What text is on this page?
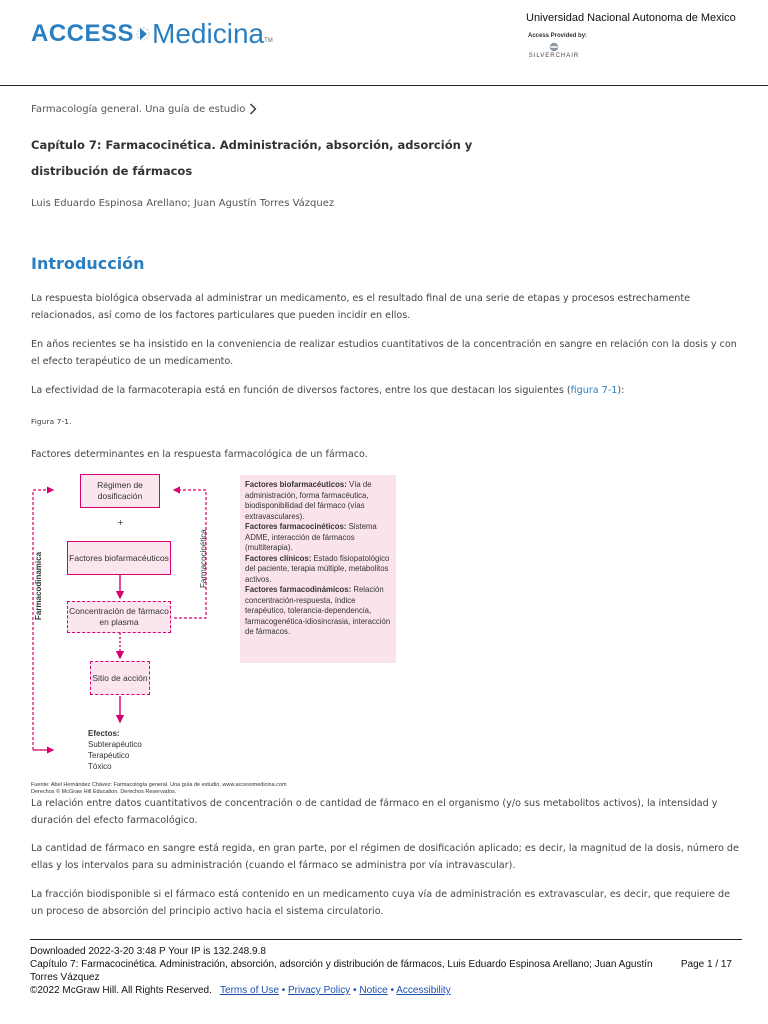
ACCESS Medicina TM
Universidad Nacional Autonoma de Mexico
Access Provided by:
SILVERCHAIR
Farmacología general. Una guía de estudio
Capítulo 7: Farmacocinética. Administración, absorción, adsorción y distribución de fármacos
Luis Eduardo Espinosa Arellano; Juan Agustín Torres Vázquez
Introducción
La respuesta biológica observada al administrar un medicamento, es el resultado final de una serie de etapas y procesos estrechamente relacionados, así como de los factores particulares que pueden incidir en ellos.
En años recientes se ha insistido en la conveniencia de realizar estudios cuantitativos de la concentración en sangre en relación con la dosis y con el efecto terapéutico de un medicamento.
La efectividad de la farmacoterapia está en función de diversos factores, entre los que destacan los siguientes (figura 7-1):
Figura 7-1.
Factores determinantes en la respuesta farmacológica de un fármaco.
Régimen de dosificación
+
Factores biofarmacéuticos
Concentración de fármaco en plasma
Sitio de acción
Farmacodinamica	Farmacocinética
Factores biofarmacéuticos: Vía de administración, forma farmacéutica, biodisponibilidad del fármaco (vías extravasculares).
Factores farmacocinéticos: Sistema ADME, interacción de fármacos (multiterapia).
Factores clínicos: Estado fisiopatológico del paciente, terapia múltiple, metabolitos activos.
Factores farmacodinámicos: Relación concentración-respuesta, índice terapéutico, tolerancia-dependencia, farmacogenética-idiosincrasia, interacción de fármacos.
Efectos:
Subterapéutico
Terapéutico
Tóxico
Fuente: Abel Hernández Chávez: Farmacología general. Una guía de estudio, www.accessmedicina.com
Derechos © McGraw Hill Education. Derechos Reservados.
La relación entre datos cuantitativos de concentración o de cantidad de fármaco en el organismo (y/o sus metabolitos activos), la intensidad y duración del efecto farmacológico.
La cantidad de fármaco en sangre está regida, en gran parte, por el régimen de dosificación aplicado; es decir, la magnitud de la dosis, número de ellas y los intervalos para su administración (cuando el fármaco se administra por vía intravascular).
La fracción biodisponible si el fármaco está contenido en un medicamento cuya vía de administración es extravascular, es decir, que requiere de un proceso de absorción del principio activo hacia el sistema circulatorio.
Downloaded 2022-3-20 3:48 P Your IP is 132.248.9.8
Capítulo 7: Farmacocinética. Administración, absorción, adsorción y distribución de fármacos, Luis Eduardo Espinosa Arellano; Juan Agustín	Page 1 / 17
Torres Vázquez
©2022 McGraw Hill. All Rights Reserved. Terms of Use • Privacy Policy • Notice • Accessibility
